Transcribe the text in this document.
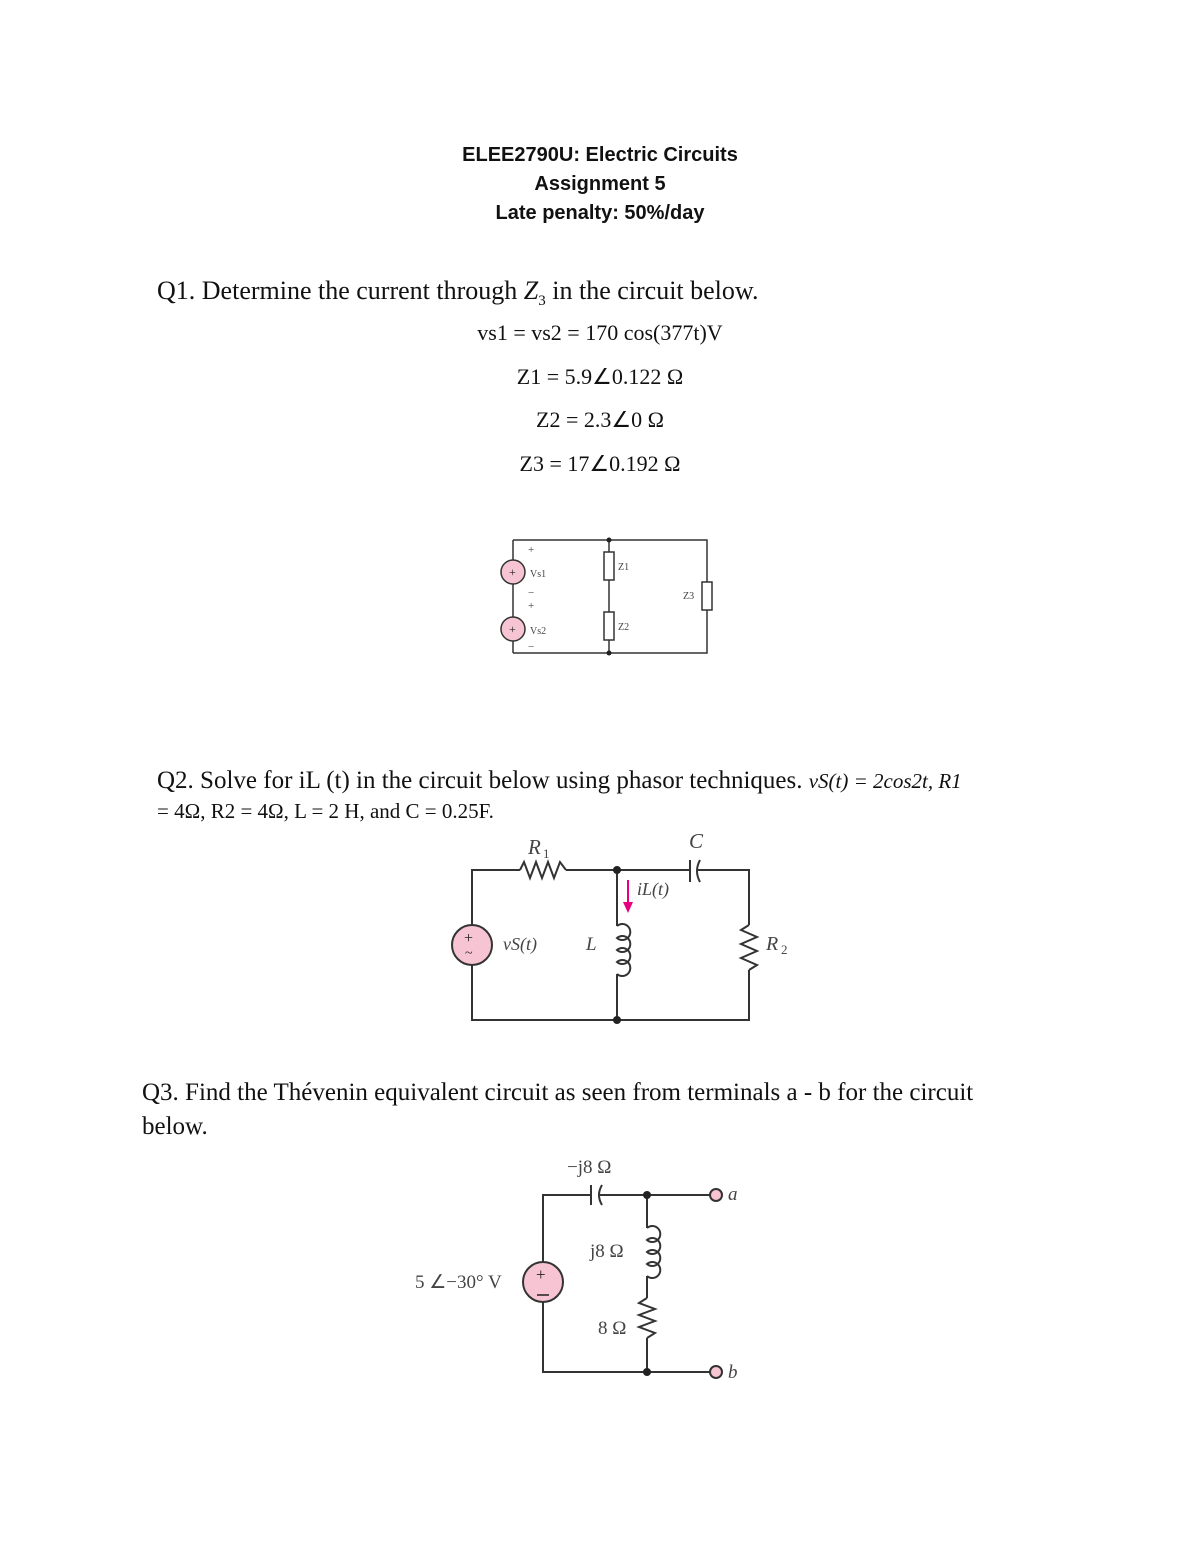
ELEE2790U: Electric Circuits
Assignment 5
Late penalty: 50%/day
Q1. Determine the current through $Z_3$ in the circuit below.
vs1 = vs2 = 170 cos(377t)V
Z1 = 5.9∠0.122 Ω
Z2 = 2.3∠0 Ω
Z3 = 17∠0.192 Ω
+
+
+
−
+
−
Vs1
Vs2
Z1
Z2
Z3
Q2. Solve for iL (t) in the circuit below using phasor techniques. vS(t) = 2cos2t, R1
= 4Ω, R2 = 4Ω, L = 2 H, and C = 0.25F.
+
~
R 1
C
iL(t)
vS(t)	L	R 2
Q3. Find the Thévenin equivalent circuit as seen from terminals a - b for the circuit
below.
+
−j8 Ω
j8 Ω
8 Ω
5 ∠−30° V
a
b
